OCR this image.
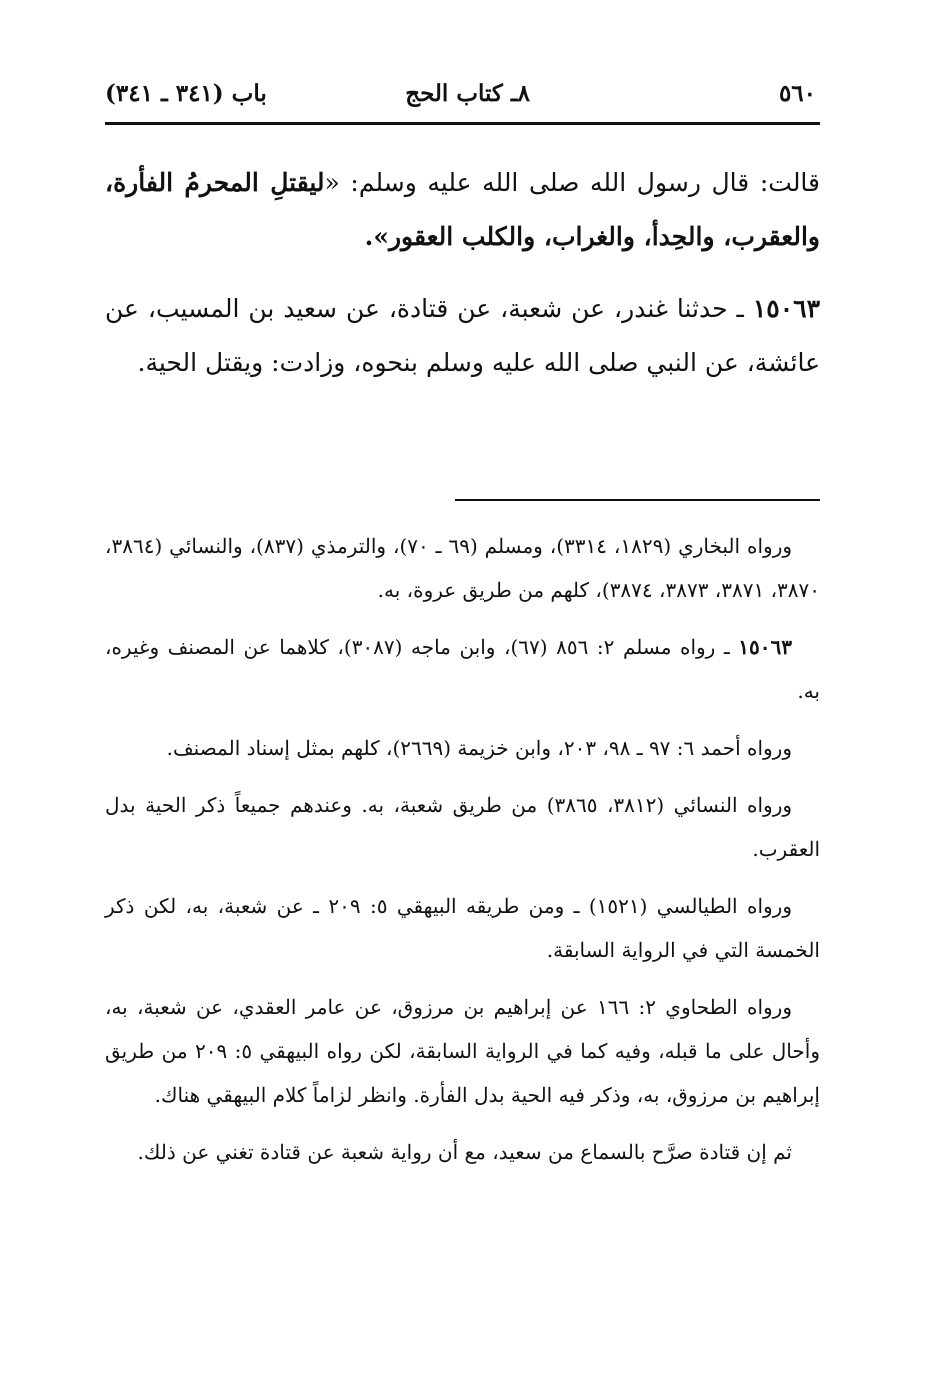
٥٦٠
٨ـ كتاب الحج
باب (٣٤١ ـ ٣٤١)

قالت: قال رسول الله صلى الله عليه وسلم: «ليقتلِ المحرمُ الفأرة، والعقرب، والحِدأ، والغراب، والكلب العقور».

١٥٠٦٣ ـ حدثنا غندر، عن شعبة، عن قتادة، عن سعيد بن المسيب، عن عائشة، عن النبي صلى الله عليه وسلم بنحوه، وزادت: ويقتل الحية.

ورواه البخاري (١٨٢٩، ٣٣١٤)، ومسلم (٦٩ ـ ٧٠)، والترمذي (٨٣٧)، والنسائي (٣٨٦٤، ٣٨٧٠، ٣٨٧١، ٣٨٧٣، ٣٨٧٤)، كلهم من طريق عروة، به.

١٥٠٦٣ ـ رواه مسلم ٢: ٨٥٦ (٦٧)، وابن ماجه (٣٠٨٧)، كلاهما عن المصنف وغيره، به.

ورواه أحمد ٦: ٩٧ ـ ٩٨، ٢٠٣، وابن خزيمة (٢٦٦٩)، كلهم بمثل إسناد المصنف.

ورواه النسائي (٣٨١٢، ٣٨٦٥) من طريق شعبة، به. وعندهم جميعاً ذكر الحية بدل العقرب.

ورواه الطيالسي (١٥٢١) ـ ومن طريقه البيهقي ٥: ٢٠٩ ـ عن شعبة، به، لكن ذكر الخمسة التي في الرواية السابقة.

ورواه الطحاوي ٢: ١٦٦ عن إبراهيم بن مرزوق، عن عامر العقدي، عن شعبة، به، وأحال على ما قبله، وفيه كما في الرواية السابقة، لكن رواه البيهقي ٥: ٢٠٩ من طريق إبراهيم بن مرزوق، به، وذكر فيه الحية بدل الفأرة. وانظر لزاماً كلام البيهقي هناك.

ثم إن قتادة صرَّح بالسماع من سعيد، مع أن رواية شعبة عن قتادة تغني عن ذلك.
